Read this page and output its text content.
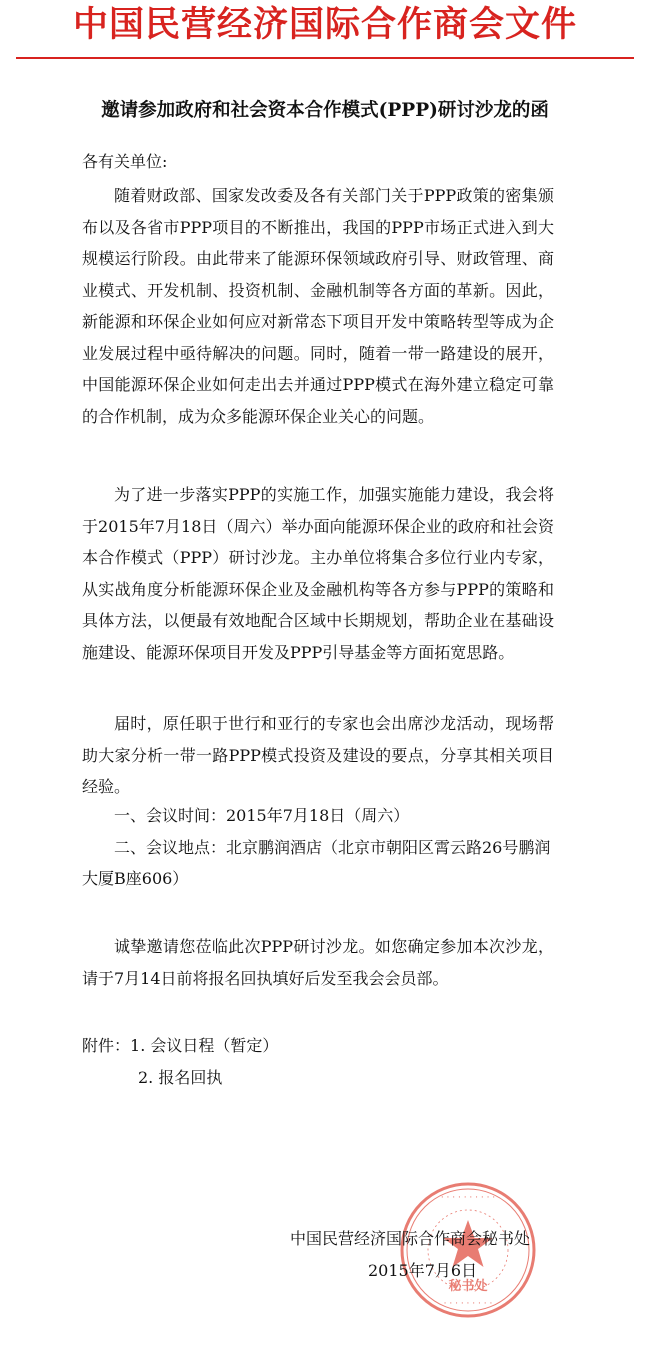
中国民营经济国际合作商会文件
邀请参加政府和社会资本合作模式(PPP)研讨沙龙的函
各有关单位:

随着财政部、国家发改委及各有关部门关于PPP政策的密集颁布以及各省市PPP项目的不断推出，我国的PPP市场正式进入到大规模运行阶段。由此带来了能源环保领域政府引导、财政管理、商业模式、开发机制、投资机制、金融机制等各方面的革新。因此，新能源和环保企业如何应对新常态下项目开发中策略转型等成为企业发展过程中亟待解决的问题。同时，随着一带一路建设的展开，中国能源环保企业如何走出去并通过PPP模式在海外建立稳定可靠的合作机制，成为众多能源环保企业关心的问题。

为了进一步落实PPP的实施工作，加强实施能力建设，我会将于2015年7月18日（周六）举办面向能源环保企业的政府和社会资本合作模式（PPP）研讨沙龙。主办单位将集合多位行业内专家，从实战角度分析能源环保企业及金融机构等各方参与PPP的策略和具体方法，以便最有效地配合区域中长期规划，帮助企业在基础设施建设、能源环保项目开发及PPP引导基金等方面拓宽思路。

届时，原任职于世行和亚行的专家也会出席沙龙活动，现场帮助大家分析一带一路PPP模式投资及建设的要点，分享其相关项目经验。

一、会议时间：2015年7月18日（周六）
二、会议地点：北京鹏润酒店（北京市朝阳区霄云路26号鹏润大厦B座606）

诚挚邀请您莅临此次PPP研讨沙龙。如您确定参加本次沙龙，请于7月14日前将报名回执填好后发至我会会员部。

附件： 1. 会议日程（暂定）
2. 报名回执
· · · · · · · · · ·
· · · · · · · · ·
秘书处
中国民营经济国际合作商会秘书处
2015年7月6日
